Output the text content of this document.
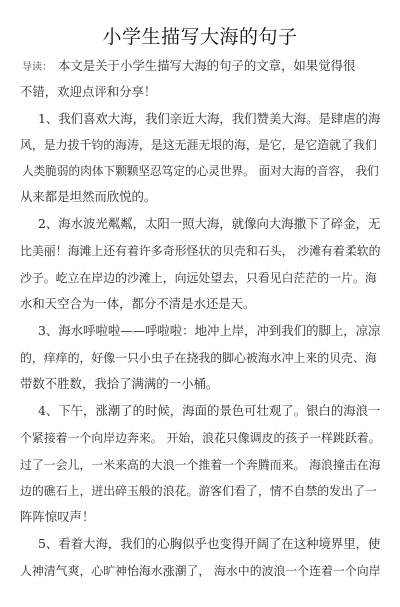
小学生描写大海的句子
导读： 本文是关于小学生描写大海的句子的文章，如果觉得很
不错，欢迎点评和分享！
1、我们喜欢大海，我们亲近大海，我们赞美大海。是肆虐的海
风，是力拔千钧的海涛，是这无涯无垠的海，是它，是它造就了我们
人类脆弱的肉体下颗颗坚忍笃定的心灵世界。 面对大海的音容， 我们
从来都是坦然而欣悦的。
2、海水波光粼粼，太阳一照大海，就像向大海撒下了碎金，无
比美丽！海滩上还有着许多奇形怪状的贝壳和石头， 沙滩有着柔软的
沙子。屹立在岸边的沙滩上，向远处望去，只看见白茫茫的一片。海
水和天空合为一体，都分不清是水还是天。
3、海水呼啦啦——呼啦啦：地冲上岸，冲到我们的脚上，凉凉
的，痒痒的，好像一只小虫子在挠我的脚心被海水冲上来的贝壳、海
带数不胜数，我拾了满满的一小桶。
4、下午，涨潮了的时候，海面的景色可壮观了。银白的海浪一
个紧接着一个向岸边奔来。 开始，浪花只像调皮的孩子一样跳跃着。
过了一会儿，一米来高的大浪一个推着一个奔腾而来。 海浪撞击在海
边的礁石上，迸出碎玉般的浪花。游客们看了，情不自禁的发出了一
阵阵惊叹声！
5、看着大海，我们的心胸似乎也变得开阔了在这种境界里，使
人神清气爽，心旷神怡海水涨潮了， 海水中的波浪一个连着一个向岸
